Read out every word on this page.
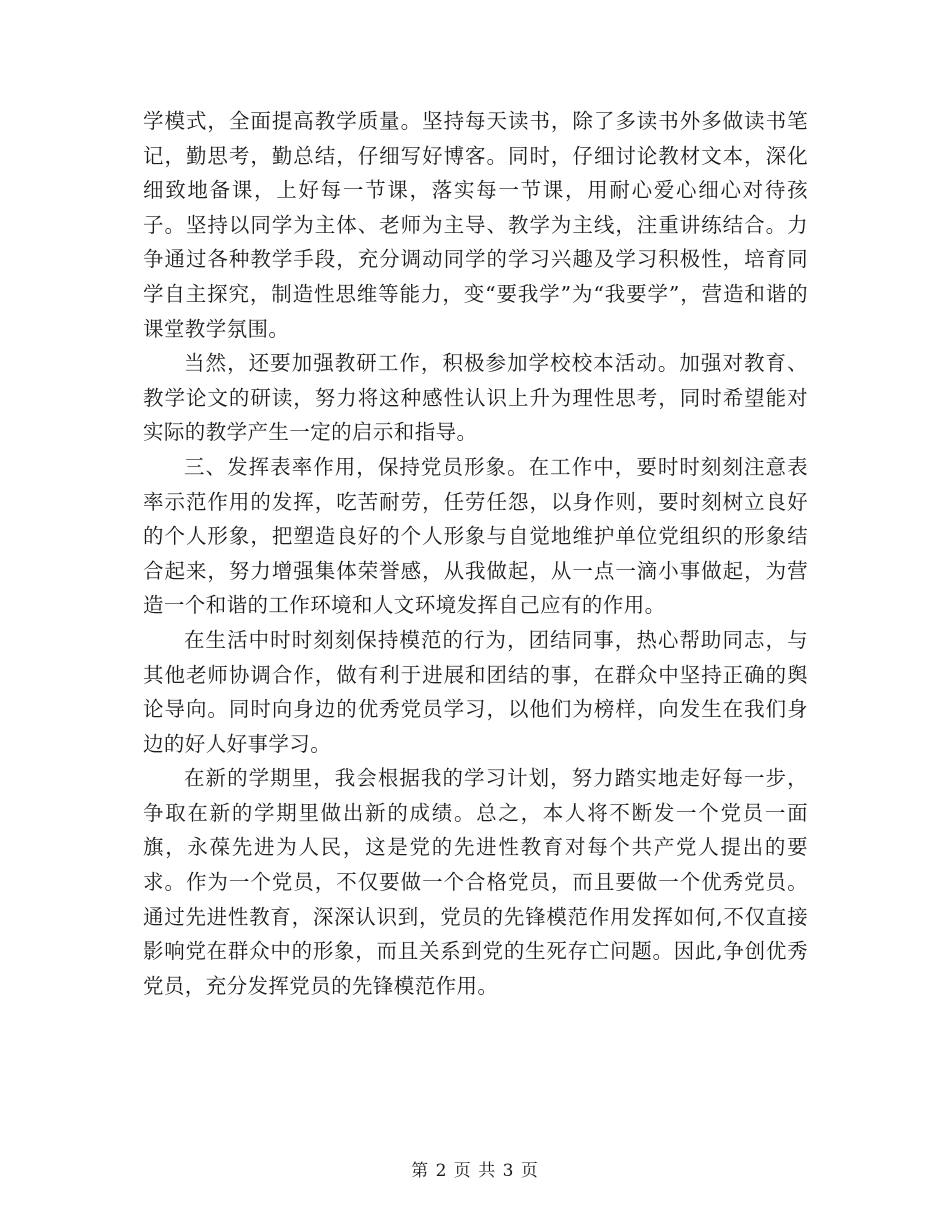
学模式，全面提高教学质量。坚持每天读书，除了多读书外多做读书笔记，勤思考，勤总结，仔细写好博客。同时，仔细讨论教材文本，深化细致地备课，上好每一节课，落实每一节课，用耐心爱心细心对待孩子。坚持以同学为主体、老师为主导、教学为主线，注重讲练结合。力争通过各种教学手段，充分调动同学的学习兴趣及学习积极性，培育同学自主探究，制造性思维等能力，变“要我学”为“我要学”，营造和谐的课堂教学氛围。

当然，还要加强教研工作，积极参加学校校本活动。加强对教育、教学论文的研读，努力将这种感性认识上升为理性思考，同时希望能对实际的教学产生一定的启示和指导。

三、发挥表率作用，保持党员形象。在工作中，要时时刻刻注意表率示范作用的发挥，吃苦耐劳，任劳任怨，以身作则，要时刻树立良好的个人形象，把塑造良好的个人形象与自觉地维护单位党组织的形象结合起来，努力增强集体荣誉感，从我做起，从一点一滴小事做起，为营造一个和谐的工作环境和人文环境发挥自己应有的作用。

在生活中时时刻刻保持模范的行为，团结同事，热心帮助同志，与其他老师协调合作，做有利于进展和团结的事，在群众中坚持正确的舆论导向。同时向身边的优秀党员学习，以他们为榜样，向发生在我们身边的好人好事学习。

在新的学期里，我会根据我的学习计划，努力踏实地走好每一步，争取在新的学期里做出新的成绩。总之，本人将不断发一个党员一面旗，永葆先进为人民，这是党的先进性教育对每个共产党人提出的要求。作为一个党员，不仅要做一个合格党员，而且要做一个优秀党员。通过先进性教育，深深认识到，党员的先锋模范作用发挥如何,不仅直接影响党在群众中的形象，而且关系到党的生死存亡问题。因此,争创优秀党员，充分发挥党员的先锋模范作用。

第 2 页 共 3 页
